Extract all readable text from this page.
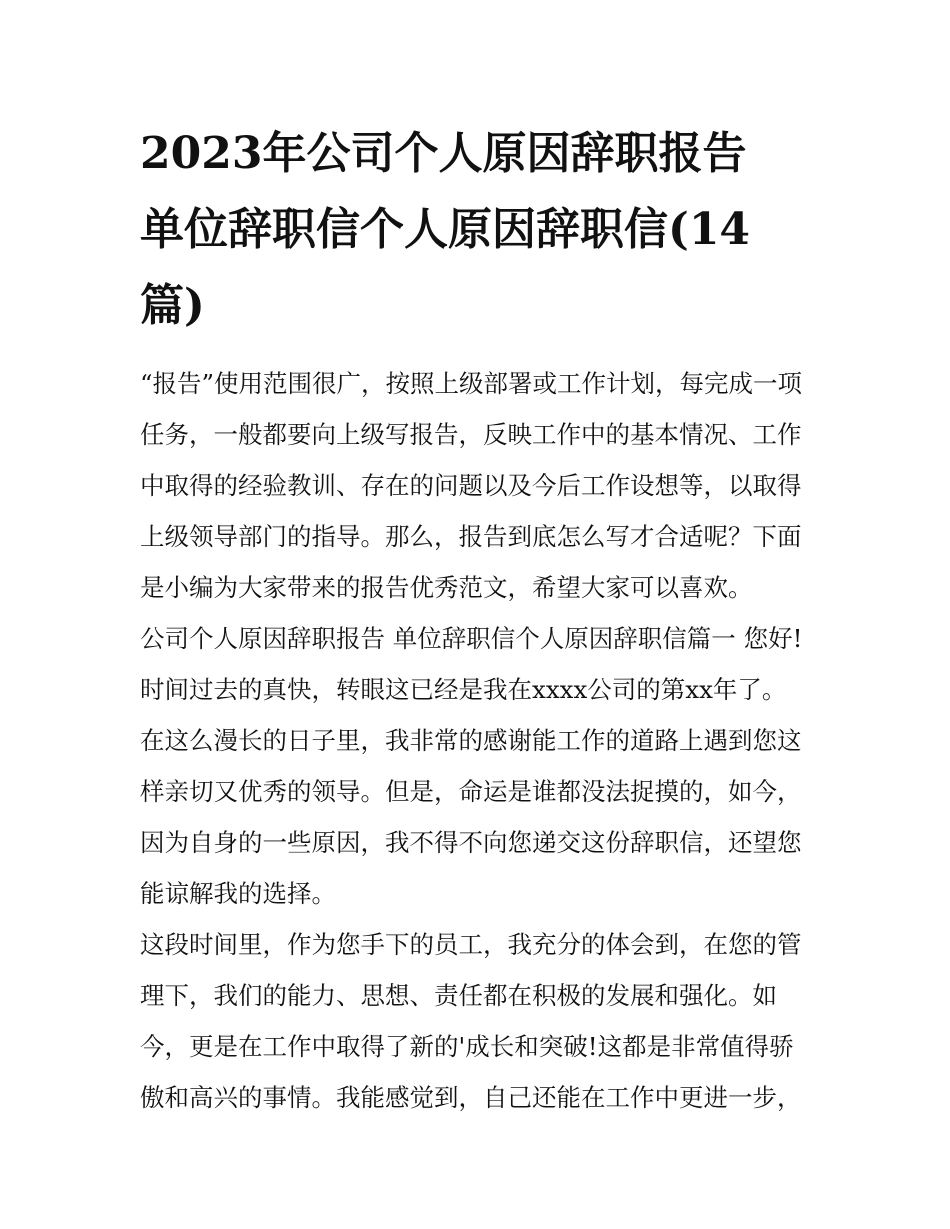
2023年公司个人原因辞职报告
单位辞职信个人原因辞职信(14
篇)
“报告”使用范围很广，按照上级部署或工作计划，每完成一项
任务，一般都要向上级写报告，反映工作中的基本情况、工作
中取得的经验教训、存在的问题以及今后工作设想等，以取得
上级领导部门的指导。那么，报告到底怎么写才合适呢？下面
是小编为大家带来的报告优秀范文，希望大家可以喜欢。
公司个人原因辞职报告 单位辞职信个人原因辞职信篇一 您好!
时间过去的真快，转眼这已经是我在xxxx公司的第xx年了。
在这么漫长的日子里，我非常的感谢能工作的道路上遇到您这
样亲切又优秀的领导。但是，命运是谁都没法捉摸的，如今，
因为自身的一些原因，我不得不向您递交这份辞职信，还望您
能谅解我的选择。
这段时间里，作为您手下的员工，我充分的体会到，在您的管
理下，我们的能力、思想、责任都在积极的发展和强化。如
今，更是在工作中取得了新的'成长和突破!这都是非常值得骄
傲和高兴的事情。我能感觉到，自己还能在工作中更进一步，
